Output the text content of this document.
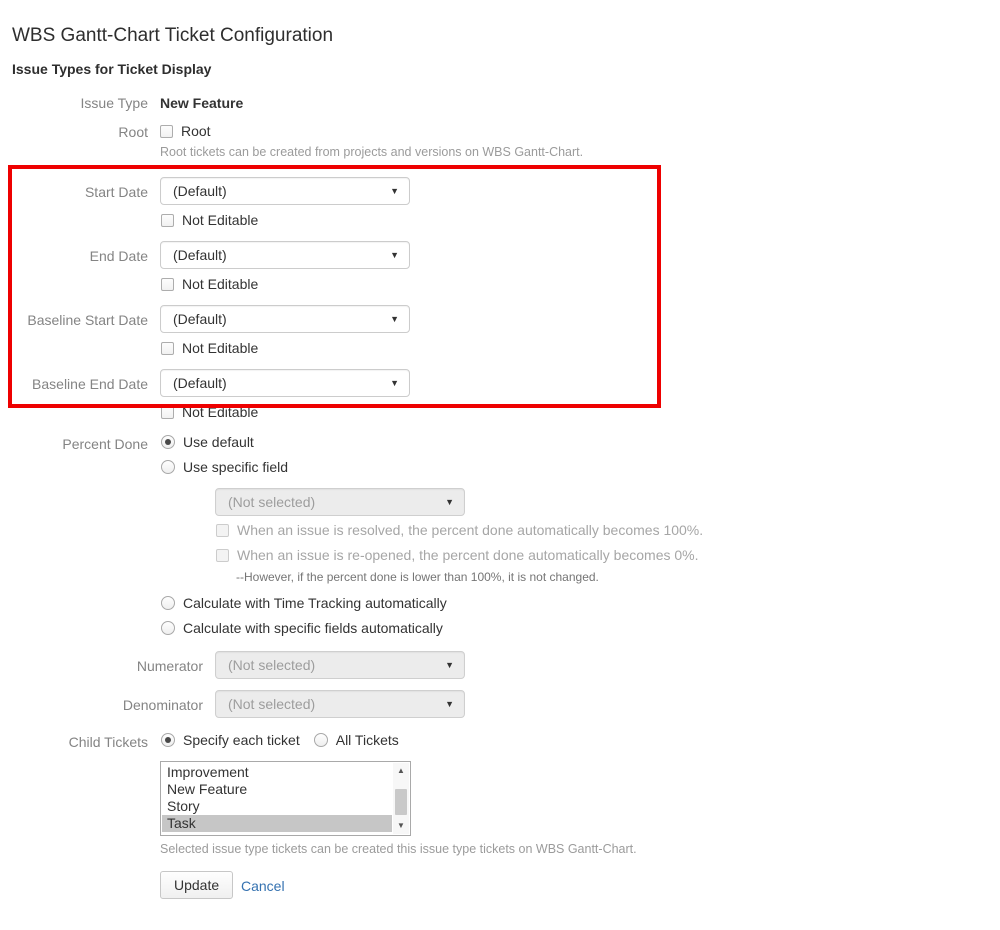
WBS Gantt-Chart Ticket Configuration
Issue Types for Ticket Display
Issue Type New Feature
Root Root
Root tickets can be created from projects and versions on WBS Gantt-Chart.
Start Date (Default)	▼
Not Editable
End Date (Default)	▼
Not Editable
Baseline Start Date (Default)	▼
Not Editable
Baseline End Date (Default)	▼
Not Editable
Percent Done	Use default
Use specific field
(Not selected)	▼
When an issue is resolved, the percent done automatically becomes 100%.
When an issue is re-opened, the percent done automatically becomes 0%.
--However, if the percent done is lower than 100%, it is not changed.
Calculate with Time Tracking automatically
Calculate with specific fields automatically
Numerator (Not selected)	▼
Denominator (Not selected)	▼
Child Tickets	Specify each ticket	All Tickets
Improvement
New Feature
Story
Task
▲
▼
Selected issue type tickets can be created this issue type tickets on WBS Gantt-Chart.
Update	Cancel
